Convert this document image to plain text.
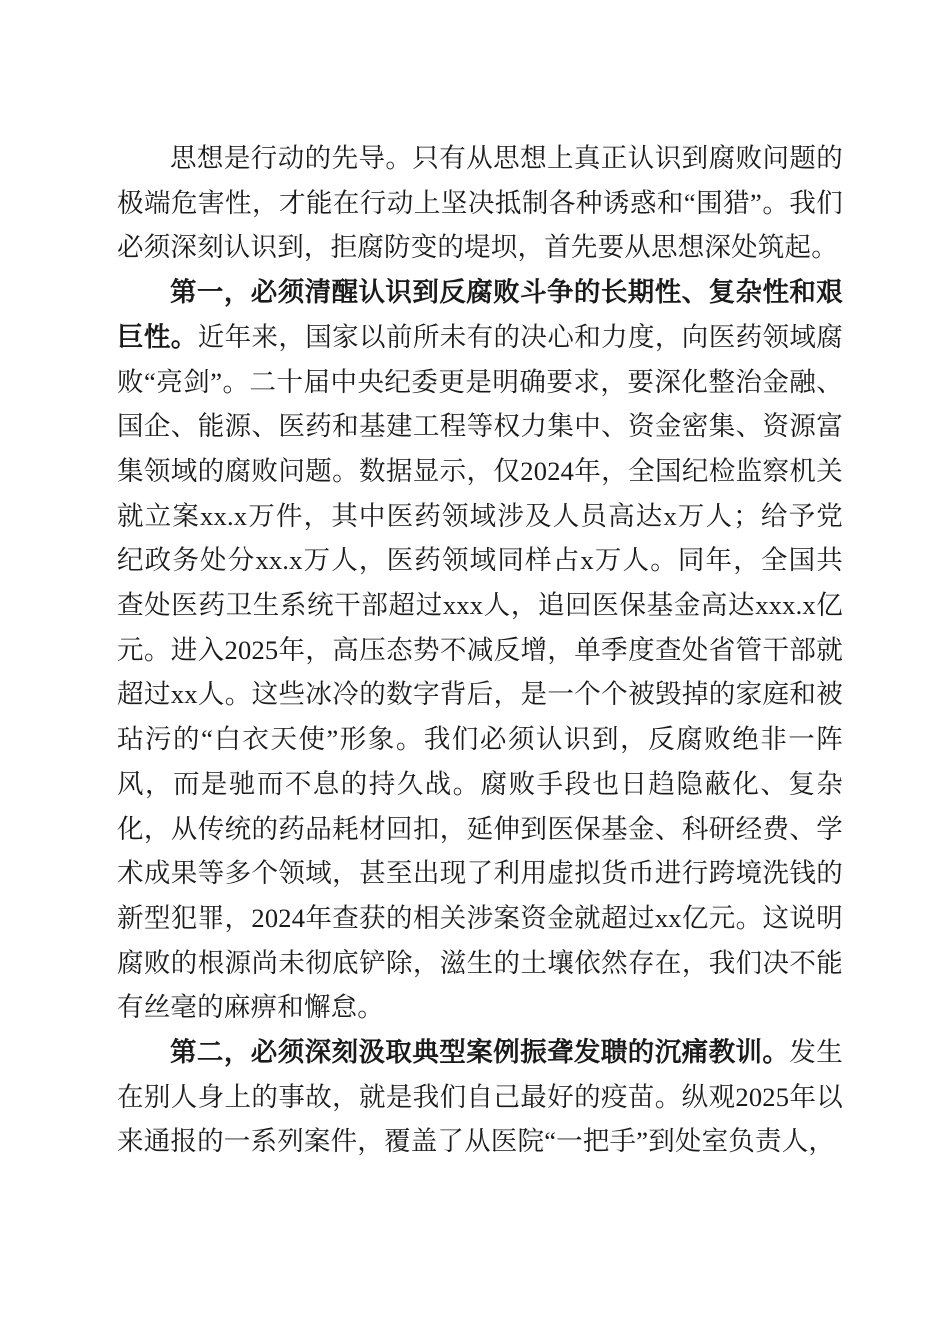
思想是行动的先导。只有从思想上真正认识到腐败问题的极端危害性，才能在行动上坚决抵制各种诱惑和“围猎”。我们必须深刻认识到，拒腐防变的堤坝，首先要从思想深处筑起。

第一，必须清醒认识到反腐败斗争的长期性、复杂性和艰巨性。近年来，国家以前所未有的决心和力度，向医药领域腐败“亮剑”。二十届中央纪委更是明确要求，要深化整治金融、国企、能源、医药和基建工程等权力集中、资金密集、资源富集领域的腐败问题。数据显示，仅2024年，全国纪检监察机关就立案xx.x万件，其中医药领域涉及人员高达x万人；给予党纪政务处分xx.x万人，医药领域同样占x万人。同年，全国共查处医药卫生系统干部超过xxx人，追回医保基金高达xxx.x亿元。进入2025年，高压态势不减反增，单季度查处省管干部就超过xx人。这些冰冷的数字背后，是一个个被毁掉的家庭和被玷污的“白衣天使”形象。我们必须认识到，反腐败绝非一阵风，而是驰而不息的持久战。腐败手段也日趋隐蔽化、复杂化，从传统的药品耗材回扣，延伸到医保基金、科研经费、学术成果等多个领域，甚至出现了利用虚拟货币进行跨境洗钱的新型犯罪，2024年查获的相关涉案资金就超过xx亿元。这说明腐败的根源尚未彻底铲除，滋生的土壤依然存在，我们决不能有丝毫的麻痹和懈怠。

第二，必须深刻汲取典型案例振聋发聩的沉痛教训。发生在别人身上的事故，就是我们自己最好的疫苗。纵观2025年以来通报的一系列案件，覆盖了从医院“一把手”到处室负责人，
